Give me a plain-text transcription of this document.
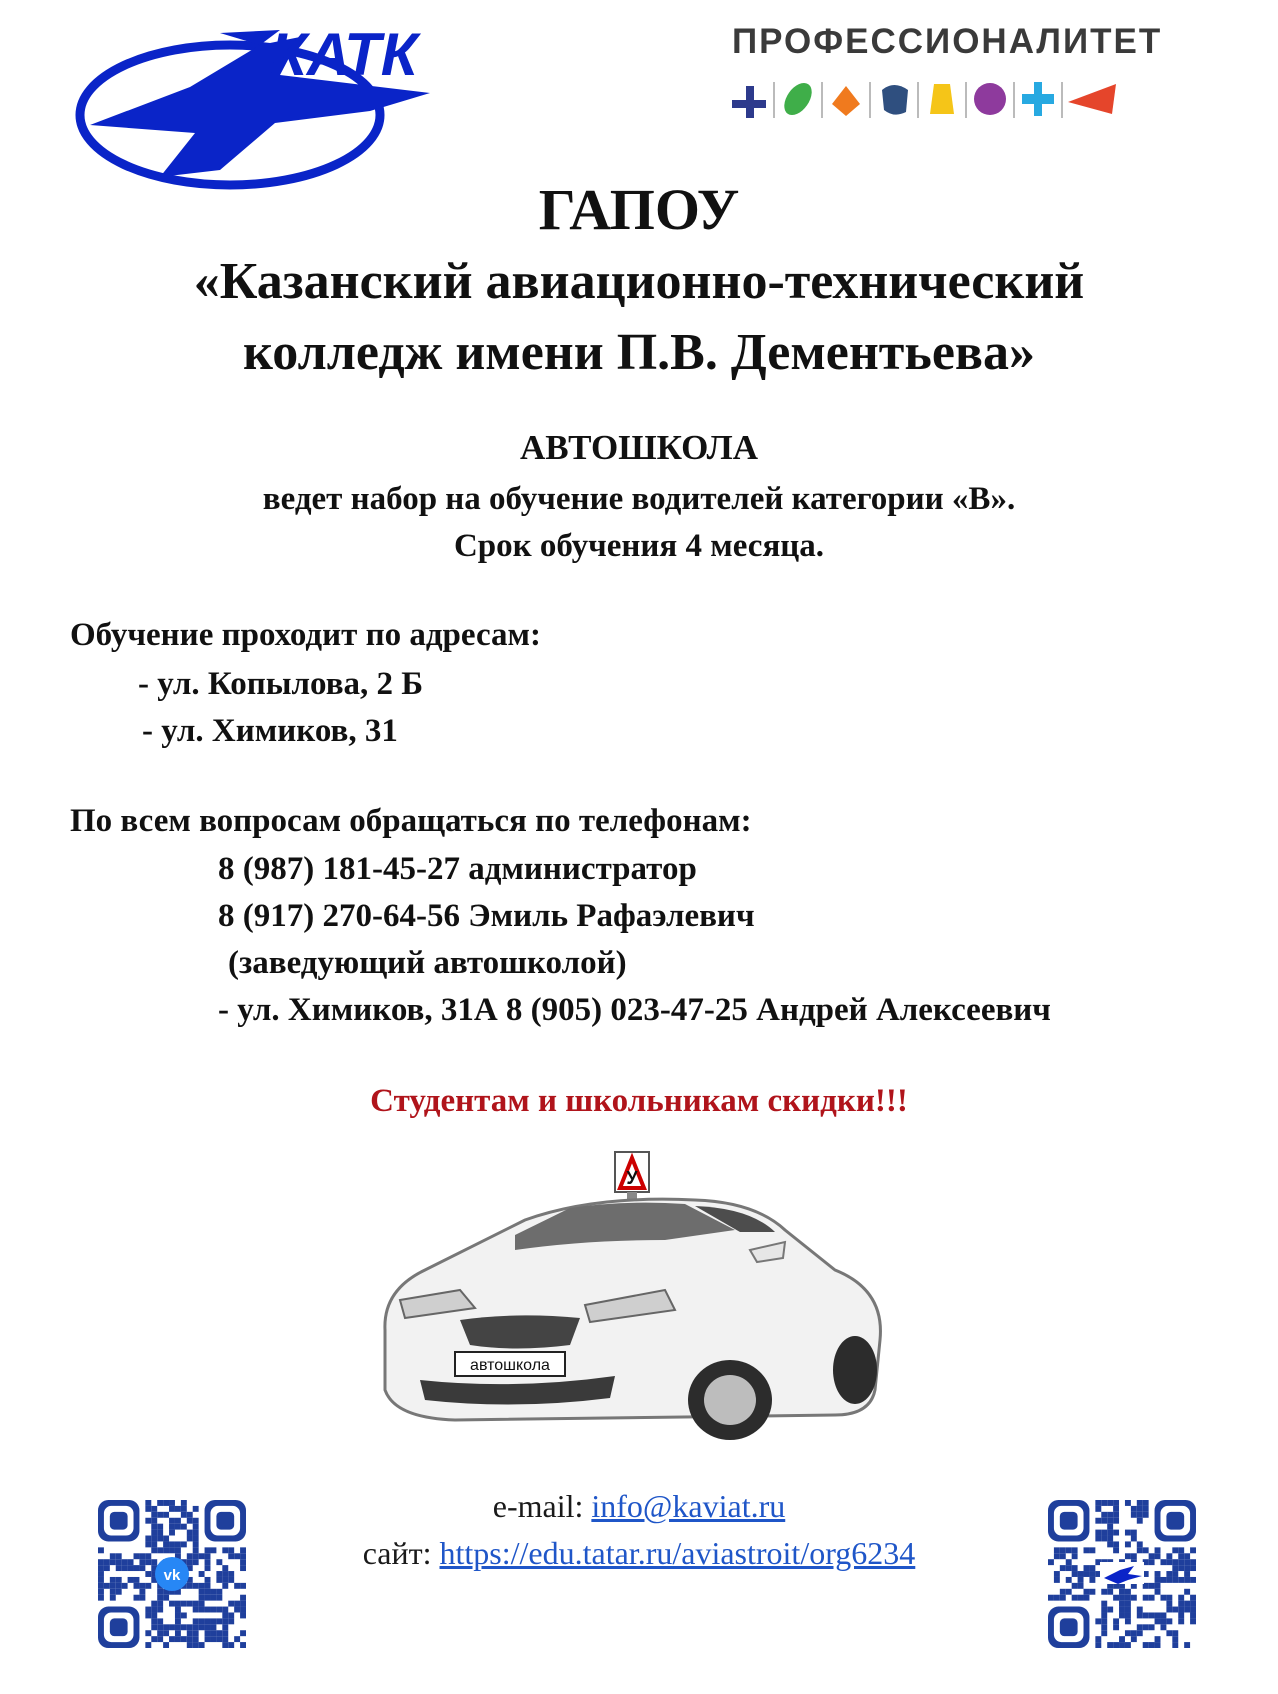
КАТК	ПРОФЕССИОНАЛИТЕТ
ГАПОУ
«Казанский авиационно-технический
колледж имени П.В. Дементьева»
АВТОШКОЛА
ведет набор на обучение водителей категории «В».
Срок обучения 4 месяца.
Обучение проходит по адресам:
- ул. Копылова, 2 Б
- ул. Химиков, 31
По всем вопросам обращаться по телефонам:
8 (987) 181-45-27 администратор
8 (917) 270-64-56 Эмиль Рафаэлевич
(заведующий автошколой)
- ул. Химиков, 31А 8 (905) 023-47-25 Андрей Алексеевич
Студентам и школьникам скидки!!!
У
автошкола
e-mail: info@kaviat.ru
сайт: https://edu.tatar.ru/aviastroit/org6234
vk
